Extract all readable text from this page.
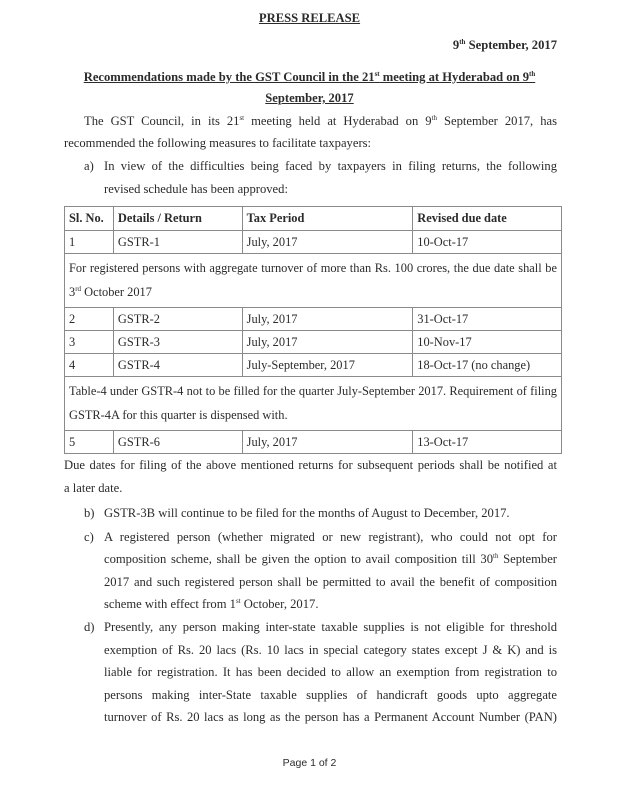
PRESS RELEASE
9th September, 2017
Recommendations made by the GST Council in the 21st meeting at Hyderabad on 9th
September, 2017
The GST Council, in its 21st meeting held at Hyderabad on 9th September 2017, has
recommended the following measures to facilitate taxpayers:
a) In view of the difficulties being faced by taxpayers in filing returns, the following
revised schedule has been approved:
Sl. No.	Details / Return	Tax Period	Revised due date
1	GSTR-1	July, 2017	10-Oct-17
For registered persons with aggregate turnover of more than Rs. 100 crores, the due date shall be 3rd October 2017			
2	GSTR-2	July, 2017	31-Oct-17
3	GSTR-3	July, 2017	10-Nov-17
4	GSTR-4	July-September, 2017	18-Oct-17 (no change)
Table-4 under GSTR-4 not to be filled for the quarter July-September 2017. Requirement of filing GSTR-4A for this quarter is dispensed with.			
5	GSTR-6	July, 2017	13-Oct-17
Due dates for filing of the above mentioned returns for subsequent periods shall be notified at
a later date.
b) GSTR-3B will continue to be filed for the months of August to December, 2017.
c) A registered person (whether migrated or new registrant), who could not opt for
composition scheme, shall be given the option to avail composition till 30th September
2017 and such registered person shall be permitted to avail the benefit of composition
scheme with effect from 1st October, 2017.
d) Presently, any person making inter-state taxable supplies is not eligible for threshold
exemption of Rs. 20 lacs (Rs. 10 lacs in special category states except J & K) and is
liable for registration. It has been decided to allow an exemption from registration to
persons making inter-State taxable supplies of handicraft goods upto aggregate
turnover of Rs. 20 lacs as long as the person has a Permanent Account Number (PAN)
Page 1 of 2
